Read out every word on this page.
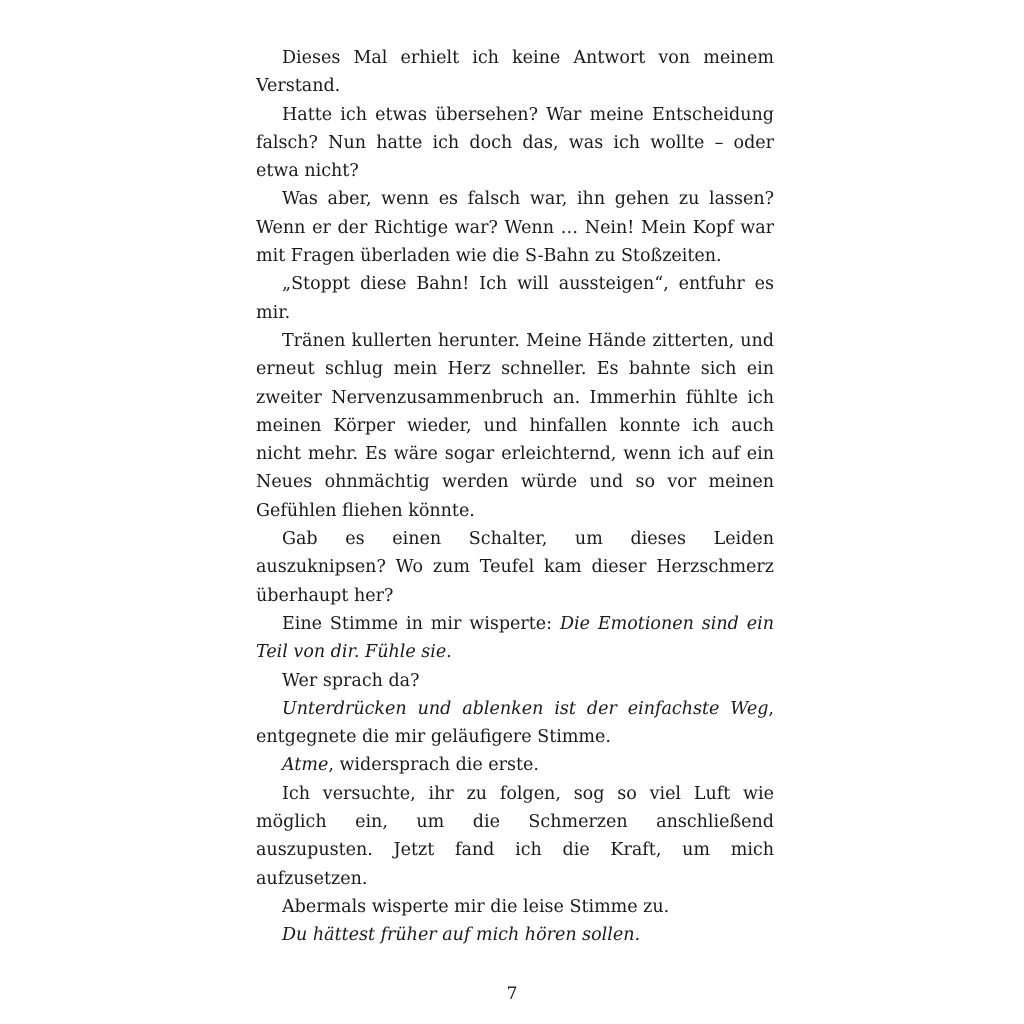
Dieses Mal erhielt ich keine Antwort von meinem Verstand.

Hatte ich etwas übersehen? War meine Entscheidung falsch? Nun hatte ich doch das, was ich wollte – oder etwa nicht?

Was aber, wenn es falsch war, ihn gehen zu lassen? Wenn er der Richtige war? Wenn … Nein! Mein Kopf war mit Fragen überladen wie die S-Bahn zu Stoßzeiten.

„Stoppt diese Bahn! Ich will aussteigen“, entfuhr es mir.

Tränen kullerten herunter. Meine Hände zitterten, und erneut schlug mein Herz schneller. Es bahnte sich ein zweiter Nervenzusammenbruch an. Immerhin fühlte ich meinen Körper wieder, und hinfallen konnte ich auch nicht mehr. Es wäre sogar erleichternd, wenn ich auf ein Neues ohnmächtig werden würde und so vor meinen Gefühlen fliehen könnte.

Gab es einen Schalter, um dieses Leiden auszuknipsen? Wo zum Teufel kam dieser Herzschmerz überhaupt her?

Eine Stimme in mir wisperte: Die Emotionen sind ein Teil von dir. Fühle sie.

Wer sprach da?

Unterdrücken und ablenken ist der einfachste Weg, entgegnete die mir geläufigere Stimme.

Atme, widersprach die erste.

Ich versuchte, ihr zu folgen, sog so viel Luft wie möglich ein, um die Schmerzen anschließend auszupusten. Jetzt fand ich die Kraft, um mich aufzusetzen.

Abermals wisperte mir die leise Stimme zu.

Du hättest früher auf mich hören sollen.

7
